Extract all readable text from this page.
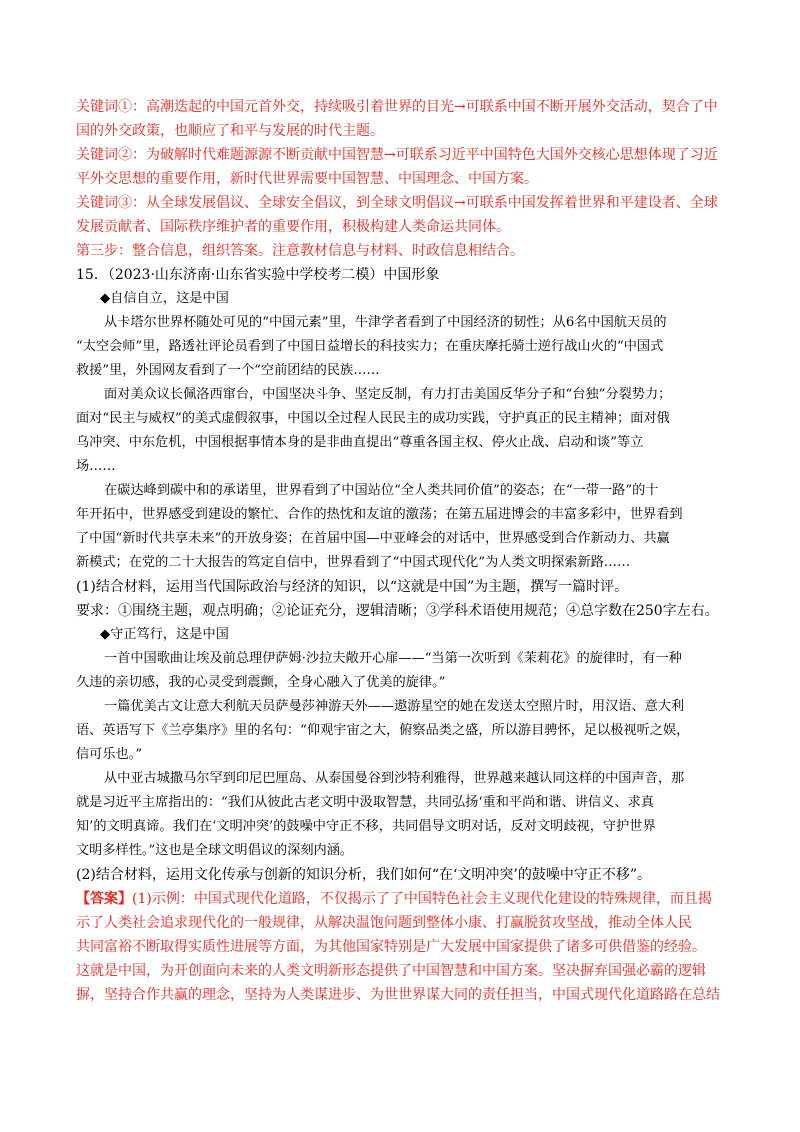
关键词①：高潮迭起的中国元首外交，持续吸引着世界的目光→可联系中国不断开展外交活动，契合了中
国的外交政策，也顺应了和平与发展的时代主题。
关键词②：为破解时代难题源源不断贡献中国智慧→可联系习近平中国特色大国外交核心思想体现了习近
平外交思想的重要作用，新时代世界需要中国智慧、中国理念、中国方案。
关键词③：从全球发展倡议、全球安全倡议，到全球文明倡议→可联系中国发挥着世界和平建设者、全球
发展贡献者、国际秩序维护者的重要作用，积极构建人类命运共同体。
第三步：整合信息，组织答案。注意教材信息与材料、时政信息相结合。
15．（2023·山东济南·山东省实验中学校考二模）中国形象
◆自信自立，这是中国
从卡塔尔世界杯随处可见的“中国元素”里，牛津学者看到了中国经济的韧性；从6名中国航天员的
“太空会师”里，路透社评论员看到了中国日益增长的科技实力；在重庆摩托骑士逆行战山火的“中国式
救援”里，外国网友看到了一个“空前团结的民族……
面对美众议长佩洛西窜台，中国坚决斗争、坚定反制，有力打击美国反华分子和“台独”分裂势力；
面对“民主与威权”的美式虚假叙事，中国以全过程人民民主的成功实践，守护真正的民主精神；面对俄
乌冲突、中东危机，中国根据事情本身的是非曲直提出“尊重各国主权、停火止战、启动和谈”等立
场……
在碳达峰到碳中和的承诺里，世界看到了中国站位“全人类共同价值”的姿态；在“一带一路”的十
年开拓中，世界感受到建设的繁忙、合作的热忱和友谊的激荡；在第五届进博会的丰富多彩中，世界看到
了中国“新时代共享未来”的开放身姿；在首届中国—中亚峰会的对话中，世界感受到合作新动力、共赢
新模式；在党的二十大报告的笃定自信中，世界看到了“中国式现代化”为人类文明探索新路……
(1)结合材料，运用当代国际政治与经济的知识，以“这就是中国”为主题，撰写一篇时评。
要求：①围绕主题，观点明确；②论证充分，逻辑清晰；③学科术语使用规范；④总字数在250字左右。
◆守正笃行，这是中国
一首中国歌曲让埃及前总理伊萨姆·沙拉夫敞开心扉——“当第一次听到《茉莉花》的旋律时，有一种
久违的亲切感，我的心灵受到震颤，全身心融入了优美的旋律。”
一篇优美古文让意大利航天员萨曼莎神游天外——遨游星空的她在发送太空照片时，用汉语、意大利
语、英语写下《兰亭集序》里的名句：“仰观宇宙之大，俯察品类之盛，所以游目骋怀，足以极视听之娱，
信可乐也。”
从中亚古城撒马尔罕到印尼巴厘岛、从泰国曼谷到沙特利雅得，世界越来越认同这样的中国声音，那
就是习近平主席指出的：“我们从彼此古老文明中汲取智慧，共同弘扬‘重和平尚和谐、讲信义、求真
知’的文明真谛。我们在‘文明冲突’的鼓噪中守正不移，共同倡导文明对话，反对文明歧视，守护世界
文明多样性。”这也是全球文明倡议的深刻内涵。
(2)结合材料，运用文化传承与创新的知识分析，我们如何“在‘文明冲突’的鼓噪中守正不移”。
【答案】(1)示例：中国式现代化道路，不仅揭示了了中国特色社会主义现代化建设的特殊规律，而且揭
示了人类社会追求现代化的一般规律，从解决温饱问题到整体小康、打赢脱贫攻坚战，推动全体人民
共同富裕不断取得实质性进展等方面，为其他国家特别是广大发展中国家提供了诸多可供借鉴的经验。
这就是中国，为开创面向未来的人类文明新形态提供了中国智慧和中国方案。坚决摒弃国强必霸的逻辑
摒，坚持合作共赢的理念，坚持为人类谋进步、为世世界谋大同的责任担当，中国式现代化道路路在总结
